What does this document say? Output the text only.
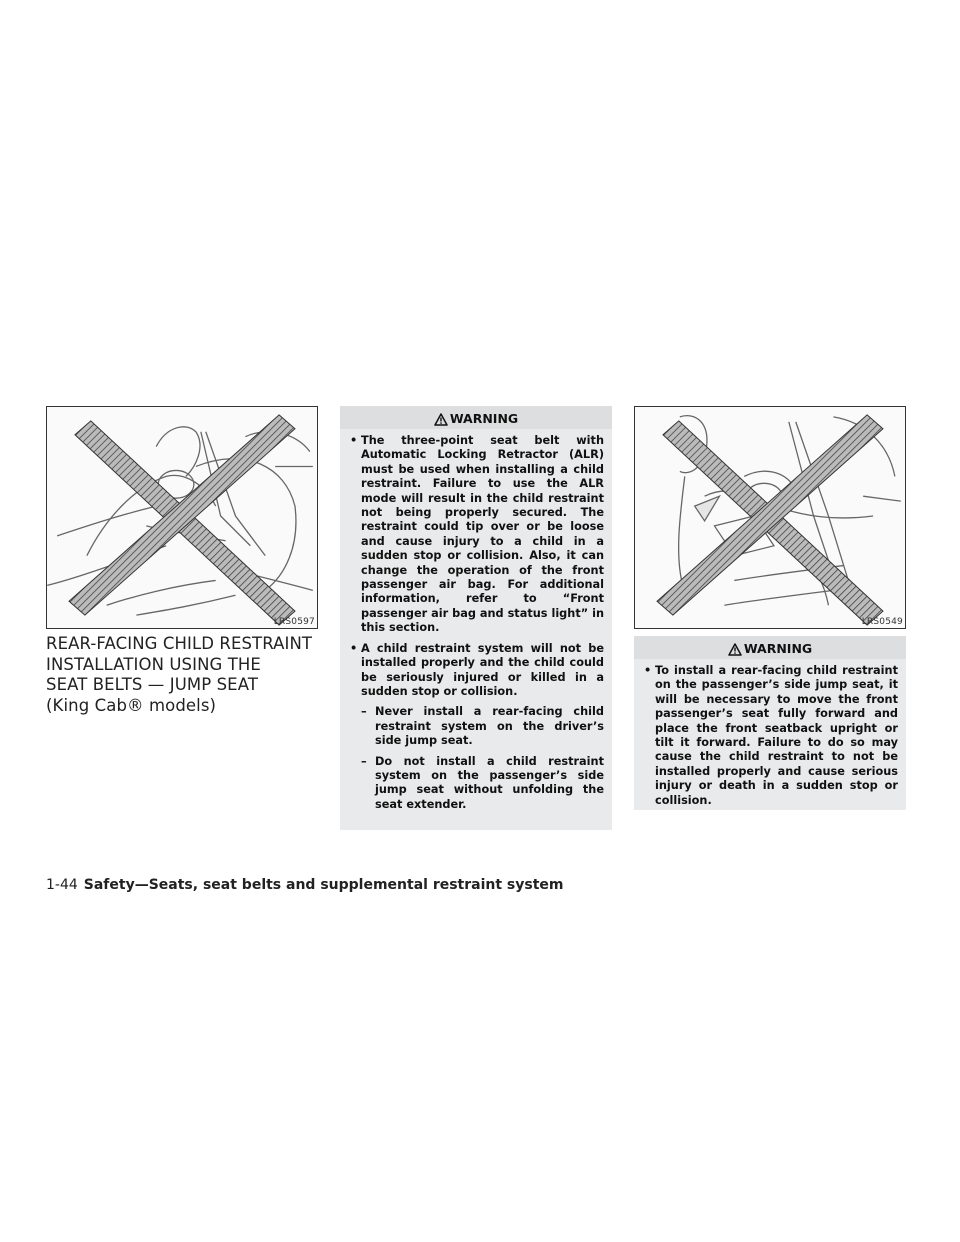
LRS0597
REAR-FACING CHILD RESTRAINT
INSTALLATION USING THE
SEAT BELTS — JUMP SEAT
(King Cab® models)
WARNING
• The three-point seat belt with Automatic Locking Retractor (ALR) must be used when installing a child restraint. Failure to use the ALR mode will result in the child restraint not being properly secured. The restraint could tip over or be loose and cause injury to a child in a sudden stop or collision. Also, it can change the operation of the front passenger air bag. For additional information, refer to “Front passenger air bag and status light” in this section.
• A child restraint system will not be installed properly and the child could be seriously injured or killed in a sudden stop or collision.
– Never install a rear-facing child restraint system on the driver’s side jump seat.
– Do not install a child restraint system on the passenger’s side jump seat without unfolding the seat extender.
LRS0549
WARNING
• To install a rear-facing child restraint on the passenger’s side jump seat, it will be necessary to move the front passenger’s seat fully forward and place the front seatback upright or tilt it forward. Failure to do so may cause the child restraint to not be installed properly and cause serious injury or death in a sudden stop or collision.
1-44 Safety—Seats, seat belts and supplemental restraint system
